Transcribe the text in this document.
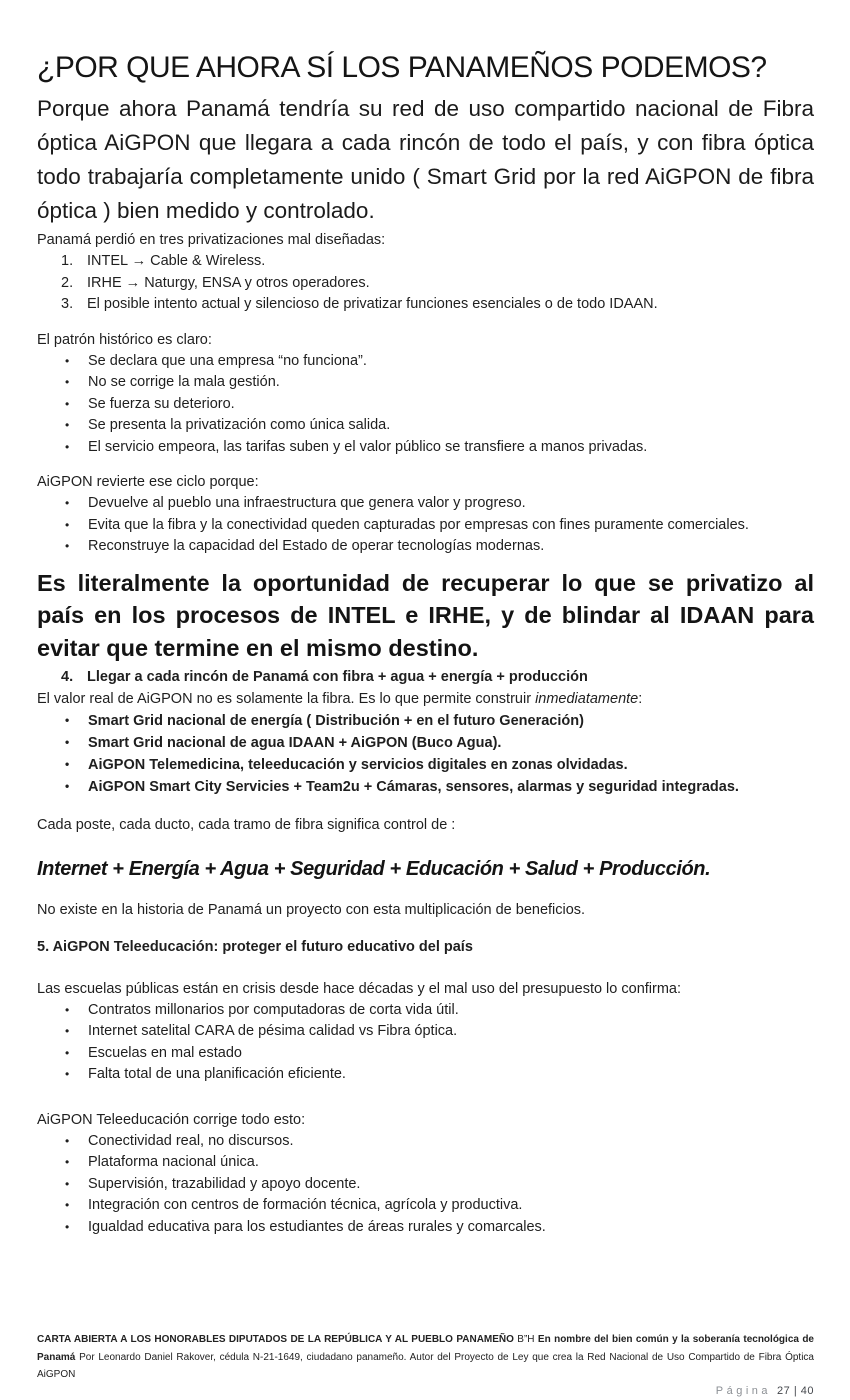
¿POR QUE AHORA SÍ LOS PANAMEÑOS PODEMOS?

Porque ahora Panamá tendría su red de uso compartido nacional de Fibra óptica AiGPON que llegara a cada rincón de todo el país, y con fibra óptica todo trabajaría completamente unido ( Smart Grid por la red AiGPON de fibra óptica ) bien medido y controlado.

Panamá perdió en tres privatizaciones mal diseñadas:

1. INTEL → Cable & Wireless.
2. IRHE → Naturgy, ENSA y otros operadores.
3. El posible intento actual y silencioso de privatizar funciones esenciales o de todo IDAAN.

El patrón histórico es claro:

•	Se declara que una empresa “no funciona”.
•	No se corrige la mala gestión.
•	Se fuerza su deterioro.
•	Se presenta la privatización como única salida.
•	El servicio empeora, las tarifas suben y el valor público se transfiere a manos privadas.

AiGPON revierte ese ciclo porque:

•	Devuelve al pueblo una infraestructura que genera valor y progreso.
•	Evita que la fibra y la conectividad queden capturadas por empresas con fines puramente comerciales.
•	Reconstruye la capacidad del Estado de operar tecnologías modernas.
Es literalmente la oportunidad de recuperar lo que se privatizo al país en los procesos de INTEL e IRHE, y de blindar al IDAAN para evitar que termine en el mismo destino.
4. Llegar a cada rincón de Panamá con fibra + agua + energía + producción

El valor real de AiGPON no es solamente la fibra. Es lo que permite construir inmediatamente:

•	Smart Grid nacional de energía ( Distribución + en el futuro Generación)
•	Smart Grid nacional de agua IDAAN + AiGPON (Buco Agua).
•	AiGPON Telemedicina, teleeducación y servicios digitales en zonas olvidadas.
•	AiGPON Smart City Servicies + Team2u + Cámaras, sensores, alarmas y seguridad integradas.

Cada poste, cada ducto, cada tramo de fibra significa control de :

Internet + Energía + Agua + Seguridad + Educación + Salud + Producción.

No existe en la historia de Panamá un proyecto con esta multiplicación de beneficios.

5. AiGPON Teleeducación: proteger el futuro educativo del país

Las escuelas públicas están en crisis desde hace décadas y el mal uso del presupuesto lo confirma:

•	Contratos millonarios por computadoras de corta vida útil.
•	Internet satelital CARA de pésima calidad vs Fibra óptica.
•	Escuelas en mal estado
•	Falta total de una planificación eficiente.

AiGPON Teleeducación corrige todo esto:

•	Conectividad real, no discursos.
•	Plataforma nacional única.
•	Supervisión, trazabilidad y apoyo docente.
•	Integración con centros de formación técnica, agrícola y productiva.
•	Igualdad educativa para los estudiantes de áreas rurales y comarcales.

CARTA ABIERTA A LOS HONORABLES DIPUTADOS DE LA REPÚBLICA Y AL PUEBLO PANAMEÑO B”H En nombre del bien común y la soberanía tecnológica de Panamá Por Leonardo Daniel Rakover, cédula N-21-1649, ciudadano panameño. Autor del Proyecto de Ley que crea la Red Nacional de Uso Compartido de Fibra Óptica AiGPON

Página 27 | 40
